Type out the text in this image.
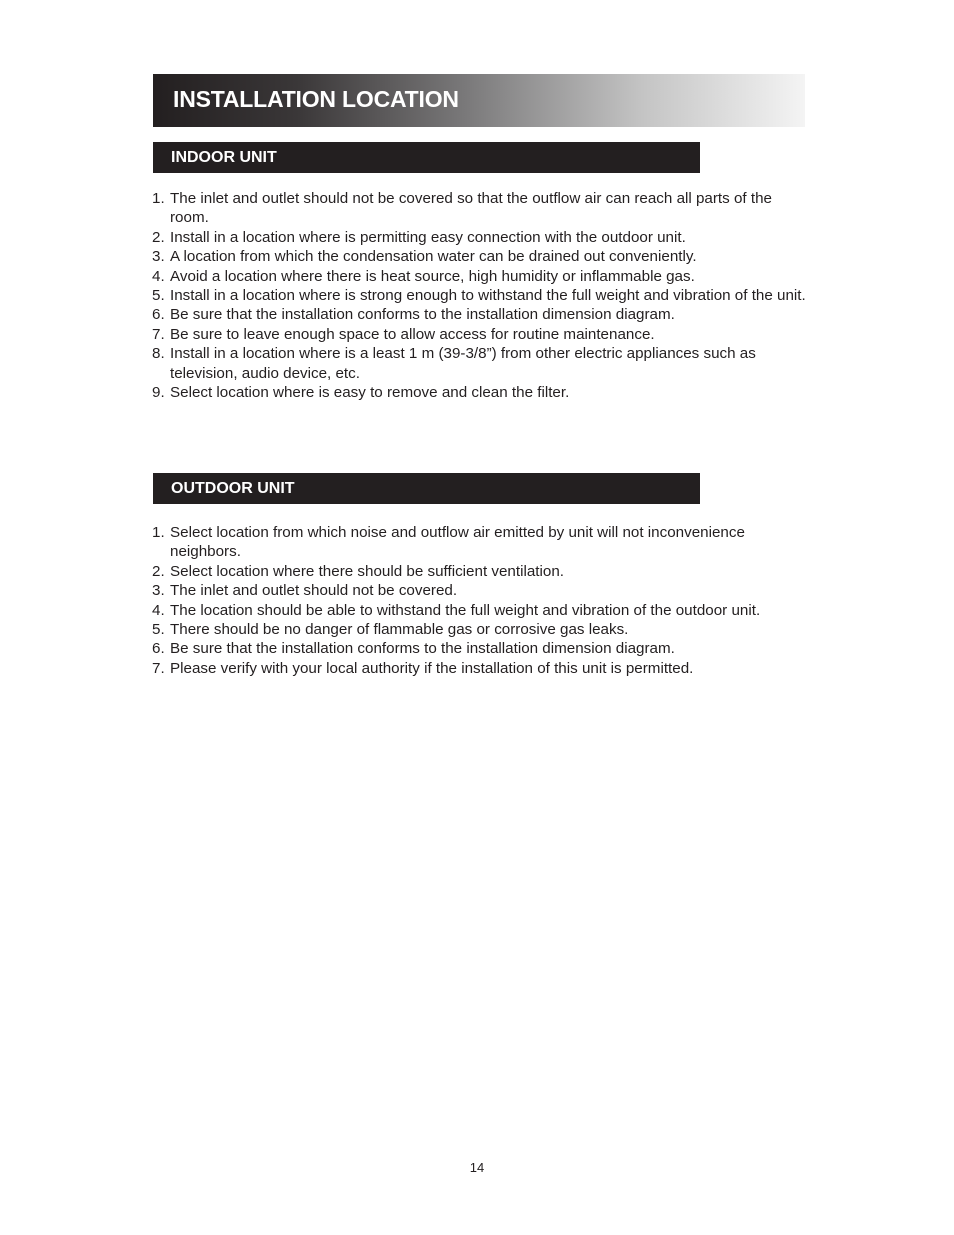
INSTALLATION LOCATION
INDOOR UNIT
1. The inlet and outlet should not be covered so that the outflow air can reach all parts of the room.
2. Install in a location where is permitting easy connection with the outdoor unit.
3. A location from which the condensation water can be drained out conveniently.
4. Avoid a location where there is heat source, high humidity or inflammable gas.
5. Install in a location where is strong enough to withstand the full weight and vibration of the unit.
6. Be sure that the installation conforms to the installation dimension diagram.
7. Be sure to leave enough space to allow access for routine maintenance.
8. Install in a location where is a least 1 m (39-3/8”) from other electric appliances such as television, audio device, etc.
9. Select location where is easy to remove and clean the filter.
OUTDOOR UNIT
1. Select location from which noise and outflow air emitted by unit will not inconvenience neighbors.
2. Select location where there should be sufficient ventilation.
3. The inlet and outlet should not be covered.
4. The location should be able to withstand the full weight and vibration of the outdoor unit.
5. There should be no danger of flammable gas or corrosive gas leaks.
6. Be sure that the installation conforms to the installation dimension diagram.
7. Please verify with your local authority if the installation of this unit is permitted.
14
